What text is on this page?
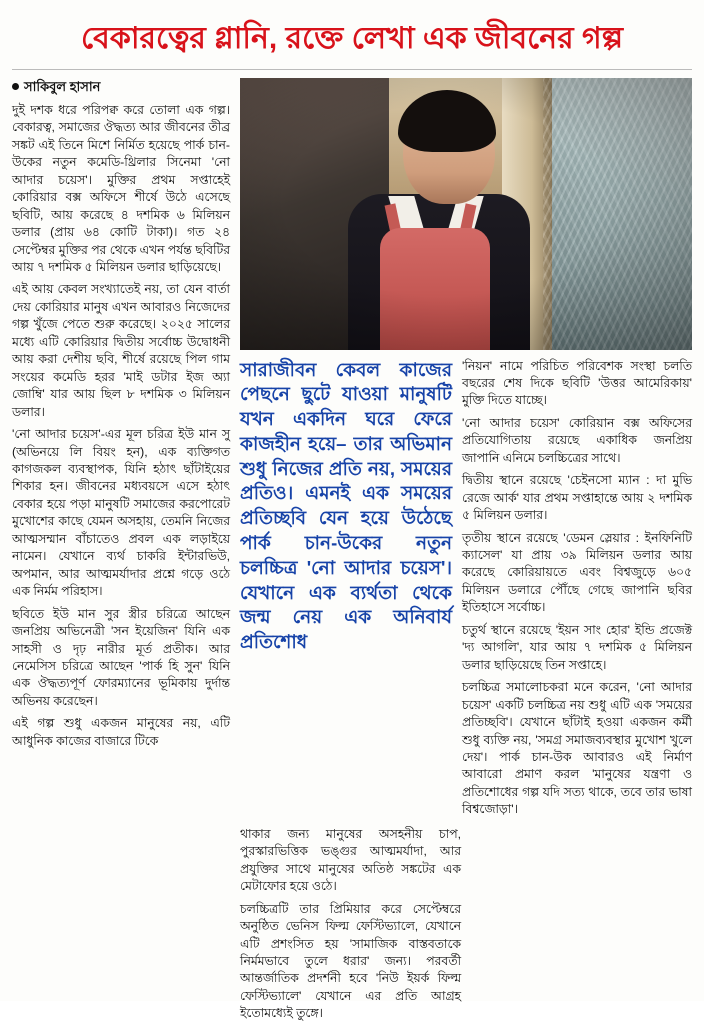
বেকারত্বের গ্লানি, রক্তে লেখা এক জীবনের গল্প
সাকিবুল হাসান

দুই দশক ধরে পরিপক্ব করে তোলা এক গল্প। বেকারত্ব, সমাজের ঔদ্ধত্য আর জীবনের তীব্র সঙ্কট এই তিনে মিশে নির্মিত হয়েছে পার্ক চান-উকের নতুন কমেডি-থ্রিলার সিনেমা 'নো আদার চয়েস'। মুক্তির প্রথম সপ্তাহেই কোরিয়ার বক্স অফিসে শীর্ষে উঠে এসেছে ছবিটি, আয় করেছে ৪ দশমিক ৬ মিলিয়ন ডলার (প্রায় ৬৪ কোটি টাকা)। গত ২৪ সেপ্টেম্বর মুক্তির পর থেকে এখন পর্যন্ত ছবিটির আয় ৭ দশমিক ৫ মিলিয়ন ডলার ছাড়িয়েছে।

এই আয় কেবল সংখ্যাতেই নয়, তা যেন বার্তা দেয় কোরিয়ার মানুষ এখন আবারও নিজেদের গল্প খুঁজে পেতে শুরু করেছে। ২০২৫ সালের মধ্যে এটি কোরিয়ার দ্বিতীয় সর্বোচ্চ উদ্বোধনী আয় করা দেশীয় ছবি, শীর্ষে রয়েছে পিল গাম সংয়ের কমেডি হরর 'মাই ডটার ইজ অ্যা জোম্বি' যার আয় ছিল ৮ দশমিক ৩ মিলিয়ন ডলার।

'নো আদার চয়েস'-এর মূল চরিত্র ইউ মান সু (অভিনয়ে লি বিয়ং হন), এক ব্যক্তিগত কাগজকল ব্যবস্থাপক, যিনি হঠাৎ ছাঁটাইয়ের শিকার হন। জীবনের মধ্যবয়সে এসে হঠাৎ বেকার হয়ে পড়া মানুষটি সমাজের করপোরেট মুখোশের কাছে যেমন অসহায়, তেমনি নিজের আত্মসম্মান বাঁচাতেও প্রবল এক লড়াইয়ে নামেন। যেখানে ব্যর্থ চাকরি ইন্টারভিউ, অপমান, আর আত্মমর্যাদার প্রশ্নে গড়ে ওঠে এক নির্মম পরিহাস।

ছবিতে ইউ মান সুর স্ত্রীর চরিত্রে আছেন জনপ্রিয় অভিনেত্রী 'সন ইয়েজিন' যিনি এক সাহসী ও দৃঢ় নারীর মূর্ত প্রতীক। আর নেমেসিস চরিত্রে আছেন 'পার্ক হি সুন' যিনি এক ঔদ্ধত্যপূর্ণ ফোরম্যানের ভূমিকায় দুর্দান্ত অভিনয় করেছেন।

এই গল্প শুধু একজন মানুষের নয়, এটি আধুনিক কাজের বাজারে টিকে

সারাজীবন কেবল কাজের পেছনে ছুটে যাওয়া মানুষটি যখন একদিন ঘরে ফেরে কাজহীন হয়ে– তার অভিমান শুধু নিজের প্রতি নয়, সময়ের প্রতিও। এমনই এক সময়ের প্রতিচ্ছবি যেন হয়ে উঠেছে পার্ক চান-উকের নতুন চলচ্চিত্র 'নো আদার চয়েস'। যেখানে এক ব্যর্থতা থেকে জন্ম নেয় এক অনিবার্য প্রতিশোধ

'নিয়ন' নামে পরিচিত পরিবেশক সংস্থা চলতি বছরের শেষ দিকে ছবিটি 'উত্তর আমেরিকায়' মুক্তি দিতে যাচ্ছে।

'নো আদার চয়েস' কোরিয়ান বক্স অফিসের প্রতিযোগিতায় রয়েছে একাধিক জনপ্রিয় জাপানি এনিমে চলচ্চিত্রের সাথে।

দ্বিতীয় স্থানে রয়েছে 'চেইনসো ম্যান : দা মুভি রেজে আর্ক' যার প্রথম সপ্তাহান্তে আয় ২ দশমিক ৫ মিলিয়ন ডলার।

তৃতীয় স্থানে রয়েছে 'ডেমন স্লেয়ার : ইনফিনিটি ক্যাসেল' যা প্রায় ৩৯ মিলিয়ন ডলার আয় করেছে কোরিয়ায়তে এবং বিশ্বজুড়ে ৬০৫ মিলিয়ন ডলারে পৌঁছে গেছে জাপানি ছবির ইতিহাসে সর্বোচ্চ।

চতুর্থ স্থানে রয়েছে 'ইয়ন সাং হোর' ইন্ডি প্রজেক্ট 'দ্য আগলি', যার আয় ৭ দশমিক ৫ মিলিয়ন ডলার ছাড়িয়েছে তিন সপ্তাহে।

চলচ্চিত্র সমালোচকরা মনে করেন, 'নো আদার চয়েস' একটি চলচ্চিত্র নয় শুধু এটি এক 'সময়ের প্রতিচ্ছবি'। যেখানে ছাঁটাই হওয়া একজন কর্মী শুধু ব্যক্তি নয়, 'সমগ্র সমাজব্যবস্থার মুখোশ খুলে দেয়'। পার্ক চান-উক আবারও এই নির্মাণ আবারো প্রমাণ করল 'মানুষের যন্ত্রণা ও প্রতিশোধের গল্প যদি সত্য থাকে, তবে তার ভাষা বিশ্বজোড়া'।

থাকার জন্য মানুষের অসহনীয় চাপ, পুরস্কারভিত্তিক ভঙ্গুর আত্মমর্যাদা, আর প্রযুক্তির সাথে মানুষের অতিষ্ঠ সঙ্কটের এক মেটাফোর হয়ে ওঠে।

চলচ্চিত্রটি তার প্রিমিয়ার করে সেপ্টেম্বরে অনুষ্ঠিত ভেনিস ফিল্ম ফেস্টিভ্যালে, যেখানে এটি প্রশংসিত হয় 'সামাজিক বাস্তবতাকে নির্মমভাবে তুলে ধরার' জন্য। পরবর্তী আন্তর্জাতিক প্রদর্শনী হবে 'নিউ ইয়র্ক ফিল্ম ফেস্টিভ্যালে' যেখানে এর প্রতি আগ্রহ ইতোমধ্যেই তুঙ্গে।
